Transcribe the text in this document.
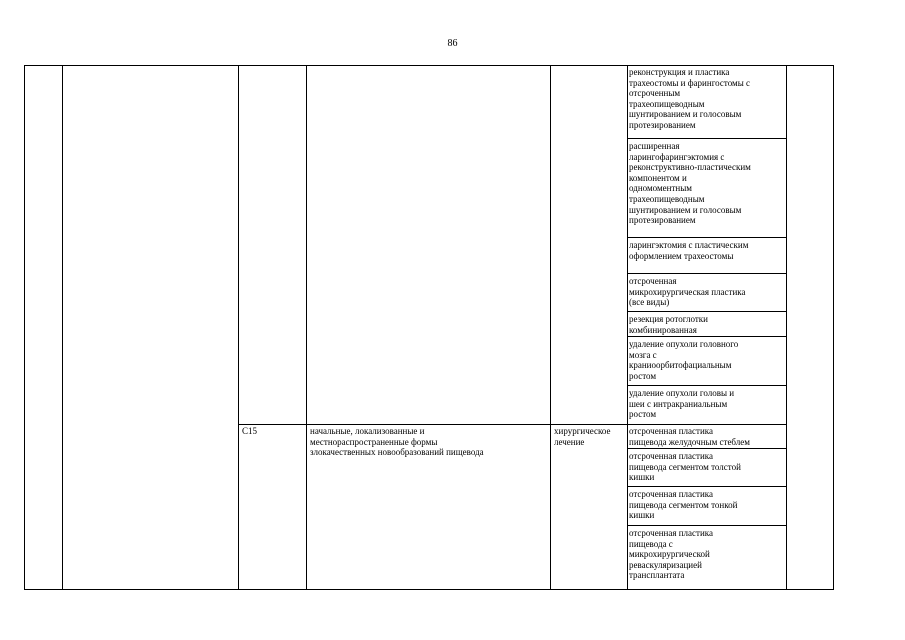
86
реконструкция и пластика
трахеостомы и фарингостомы с
отсроченным
трахеопищеводным
шунтированием и голосовым
протезированием
расширенная
ларингофарингэктомия с
реконструктивно-пластическим
компонентом и
одномоментным
трахеопищеводным
шунтированием и голосовым
протезированием
ларингэктомия с пластическим
оформлением трахеостомы
отсроченная
микрохирургическая пластика
(все виды)
резекция ротоглотки
комбинированная
удаление опухоли головного
мозга с
краниоорбитофациальным
ростом
удаление опухоли головы и
шеи с интракраниальным
ростом
C15	начальные, локализованные и
местнораспространенные формы
злокачественных новообразований пищевода
хирургическое
лечение
отсроченная пластика
пищевода желудочным стеблем
отсроченная пластика
пищевода сегментом толстой
кишки
отсроченная пластика
пищевода сегментом тонкой
кишки
отсроченная пластика
пищевода с
микрохирургической
реваскуляризацией
трансплантата
